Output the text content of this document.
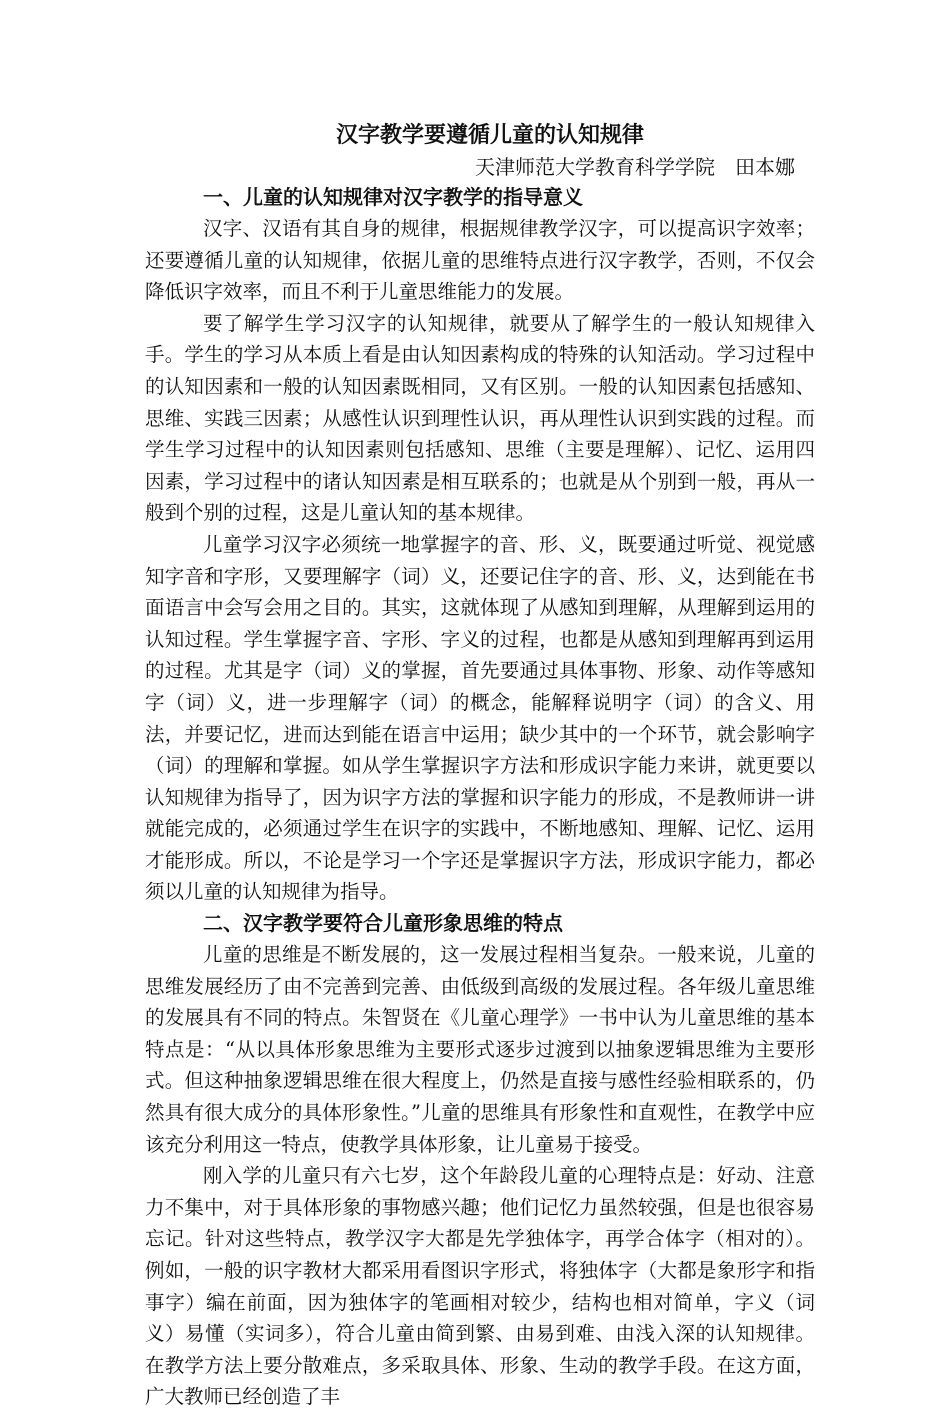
汉字教学要遵循儿童的认知规律

天津师范大学教育科学学院　田本娜

一、儿童的认知规律对汉字教学的指导意义

汉字、汉语有其自身的规律，根据规律教学汉字，可以提高识字效率；还要遵循儿童的认知规律，依据儿童的思维特点进行汉字教学，否则，不仅会降低识字效率，而且不利于儿童思维能力的发展。

要了解学生学习汉字的认知规律，就要从了解学生的一般认知规律入手。学生的学习从本质上看是由认知因素构成的特殊的认知活动。学习过程中的认知因素和一般的认知因素既相同，又有区别。一般的认知因素包括感知、思维、实践三因素；从感性认识到理性认识，再从理性认识到实践的过程。而学生学习过程中的认知因素则包括感知、思维（主要是理解）、记忆、运用四因素，学习过程中的诸认知因素是相互联系的；也就是从个别到一般，再从一般到个别的过程，这是儿童认知的基本规律。

儿童学习汉字必须统一地掌握字的音、形、义，既要通过听觉、视觉感知字音和字形，又要理解字（词）义，还要记住字的音、形、义，达到能在书面语言中会写会用之目的。其实，这就体现了从感知到理解，从理解到运用的认知过程。学生掌握字音、字形、字义的过程，也都是从感知到理解再到运用的过程。尤其是字（词）义的掌握，首先要通过具体事物、形象、动作等感知字（词）义，进一步理解字（词）的概念，能解释说明字（词）的含义、用法，并要记忆，进而达到能在语言中运用；缺少其中的一个环节，就会影响字（词）的理解和掌握。如从学生掌握识字方法和形成识字能力来讲，就更要以认知规律为指导了，因为识字方法的掌握和识字能力的形成，不是教师讲一讲就能完成的，必须通过学生在识字的实践中，不断地感知、理解、记忆、运用才能形成。所以，不论是学习一个字还是掌握识字方法，形成识字能力，都必须以儿童的认知规律为指导。

二、汉字教学要符合儿童形象思维的特点

儿童的思维是不断发展的，这一发展过程相当复杂。一般来说，儿童的思维发展经历了由不完善到完善、由低级到高级的发展过程。各年级儿童思维的发展具有不同的特点。朱智贤在《儿童心理学》一书中认为儿童思维的基本特点是：“从以具体形象思维为主要形式逐步过渡到以抽象逻辑思维为主要形式。但这种抽象逻辑思维在很大程度上，仍然是直接与感性经验相联系的，仍然具有很大成分的具体形象性。”儿童的思维具有形象性和直观性，在教学中应该充分利用这一特点，使教学具体形象，让儿童易于接受。

刚入学的儿童只有六七岁，这个年龄段儿童的心理特点是：好动、注意力不集中，对于具体形象的事物感兴趣；他们记忆力虽然较强，但是也很容易忘记。针对这些特点，教学汉字大都是先学独体字，再学合体字（相对的）。例如，一般的识字教材大都采用看图识字形式，将独体字（大都是象形字和指事字）编在前面，因为独体字的笔画相对较少，结构也相对简单，字义（词义）易懂（实词多），符合儿童由简到繁、由易到难、由浅入深的认知规律。在教学方法上要分散难点，多采取具体、形象、生动的教学手段。在这方面，广大教师已经创造了丰
